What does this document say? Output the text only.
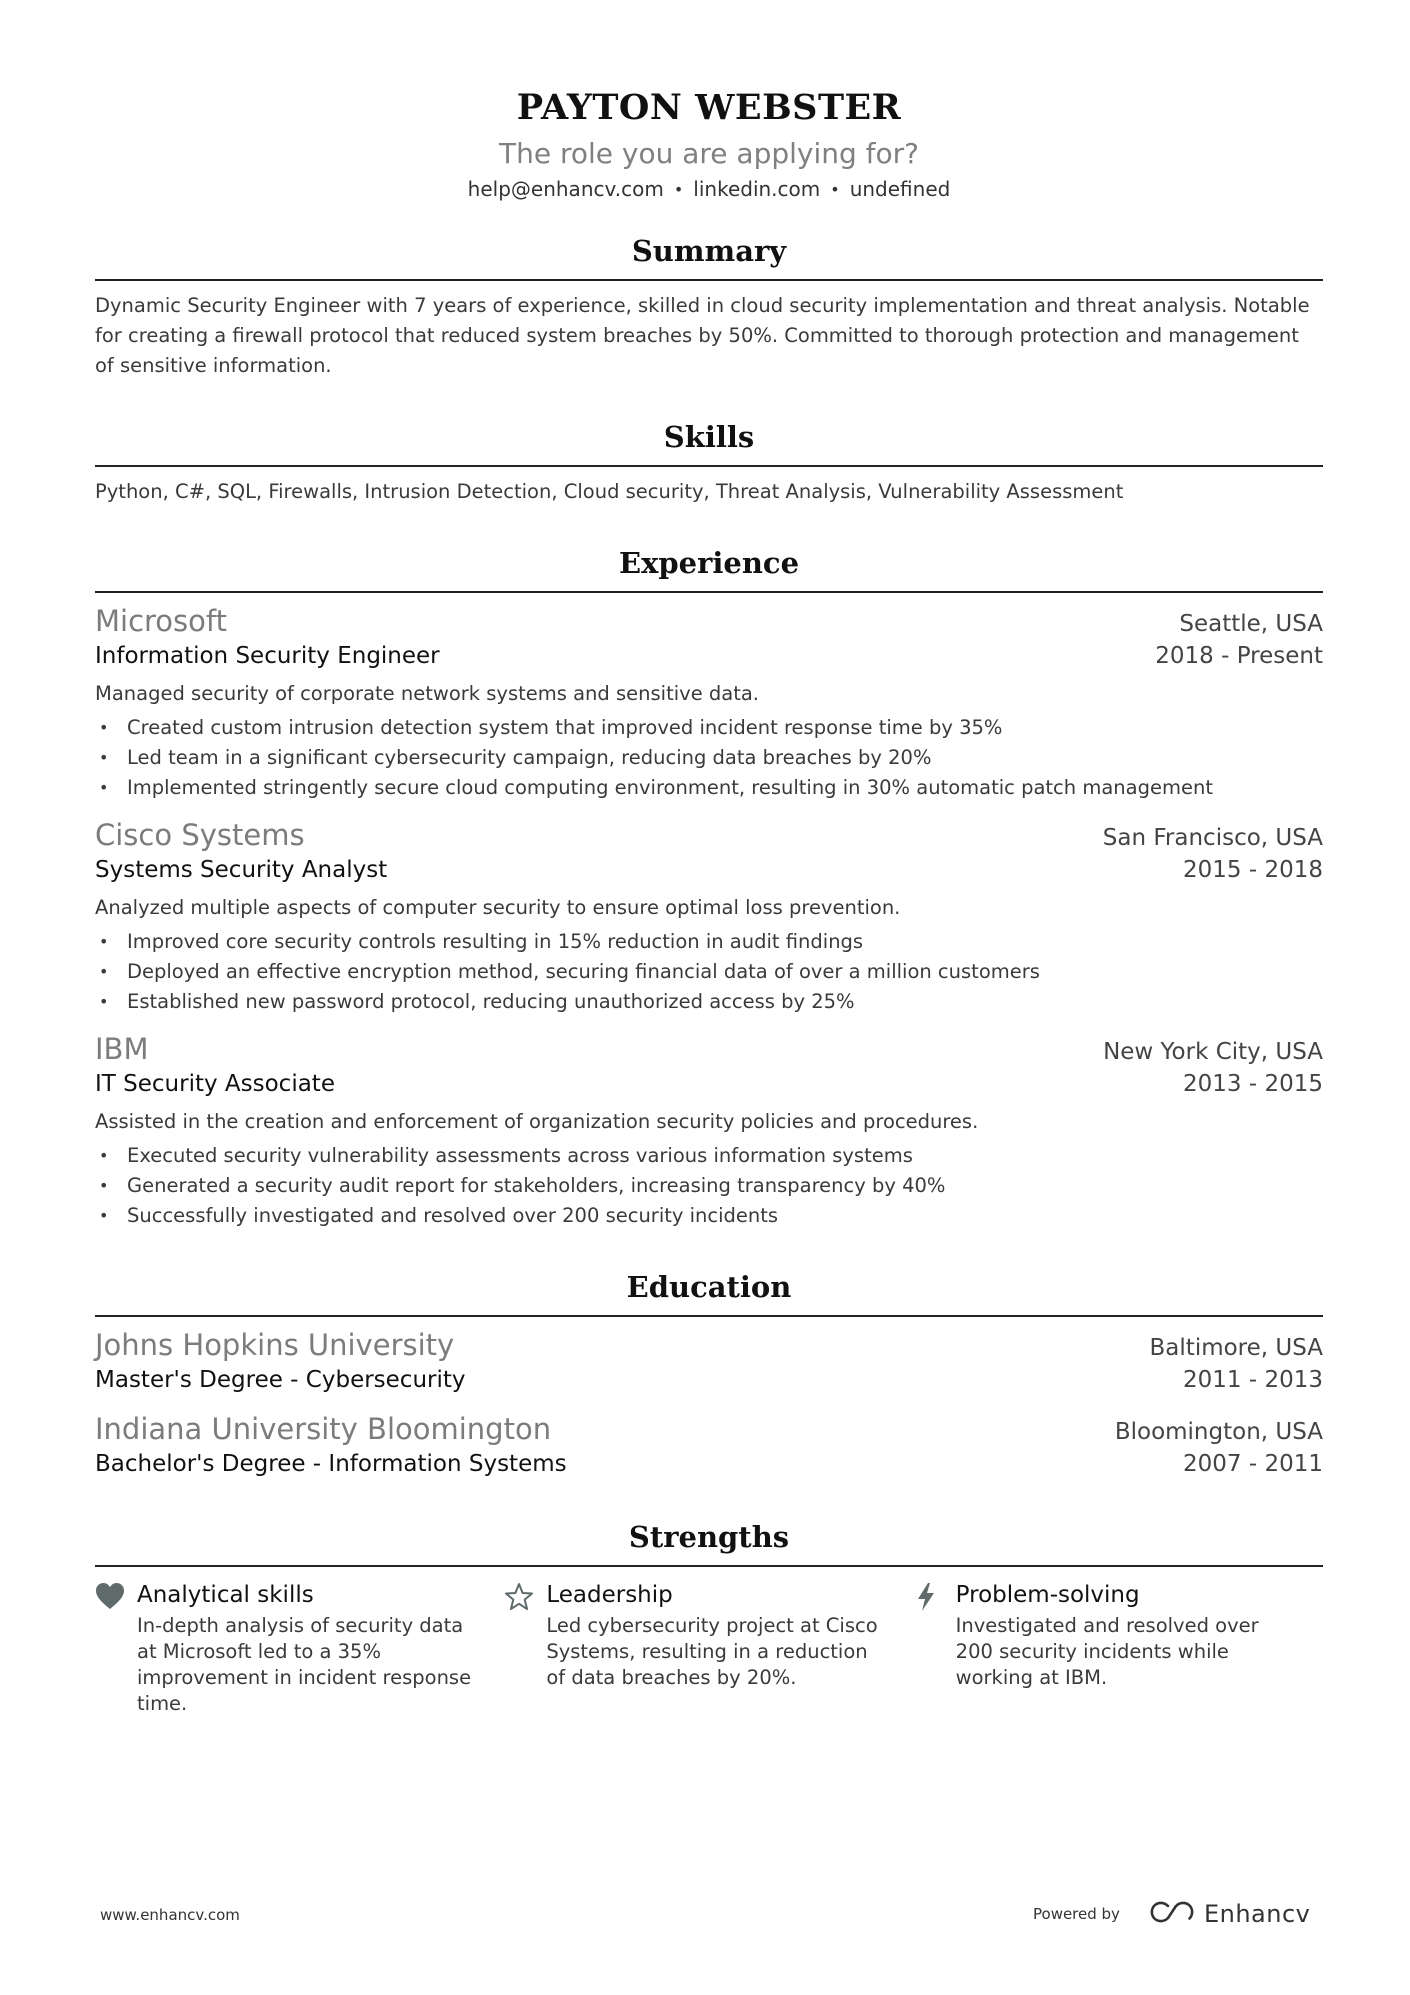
PAYTON WEBSTER
The role you are applying for?
help@enhancv.com • linkedin.com • undefined
Summary
Dynamic Security Engineer with 7 years of experience, skilled in cloud security implementation and threat analysis. Notable for creating a firewall protocol that reduced system breaches by 50%. Committed to thorough protection and management of sensitive information.
Skills
Python, C#, SQL, Firewalls, Intrusion Detection, Cloud security, Threat Analysis, Vulnerability Assessment
Experience
Microsoft	Seattle, USA
Information Security Engineer	2018 - Present
Managed security of corporate network systems and sensitive data.
• Created custom intrusion detection system that improved incident response time by 35%
• Led team in a significant cybersecurity campaign, reducing data breaches by 20%
• Implemented stringently secure cloud computing environment, resulting in 30% automatic patch management
Cisco Systems	San Francisco, USA
Systems Security Analyst	2015 - 2018
Analyzed multiple aspects of computer security to ensure optimal loss prevention.
• Improved core security controls resulting in 15% reduction in audit findings
• Deployed an effective encryption method, securing financial data of over a million customers
• Established new password protocol, reducing unauthorized access by 25%
IBM	New York City, USA
IT Security Associate	2013 - 2015
Assisted in the creation and enforcement of organization security policies and procedures.
• Executed security vulnerability assessments across various information systems
• Generated a security audit report for stakeholders, increasing transparency by 40%
• Successfully investigated and resolved over 200 security incidents
Education
Johns Hopkins University	Baltimore, USA
Master's Degree - Cybersecurity	2011 - 2013
Indiana University Bloomington	Bloomington, USA
Bachelor's Degree - Information Systems	2007 - 2011
Strengths
Analytical skills
In-depth analysis of security data at Microsoft led to a 35% improvement in incident response time.
Leadership
Led cybersecurity project at Cisco Systems, resulting in a reduction of data breaches by 20%.
Problem-solving
Investigated and resolved over 200 security incidents while working at IBM.
www.enhancv.com	Powered by	Enhancv
